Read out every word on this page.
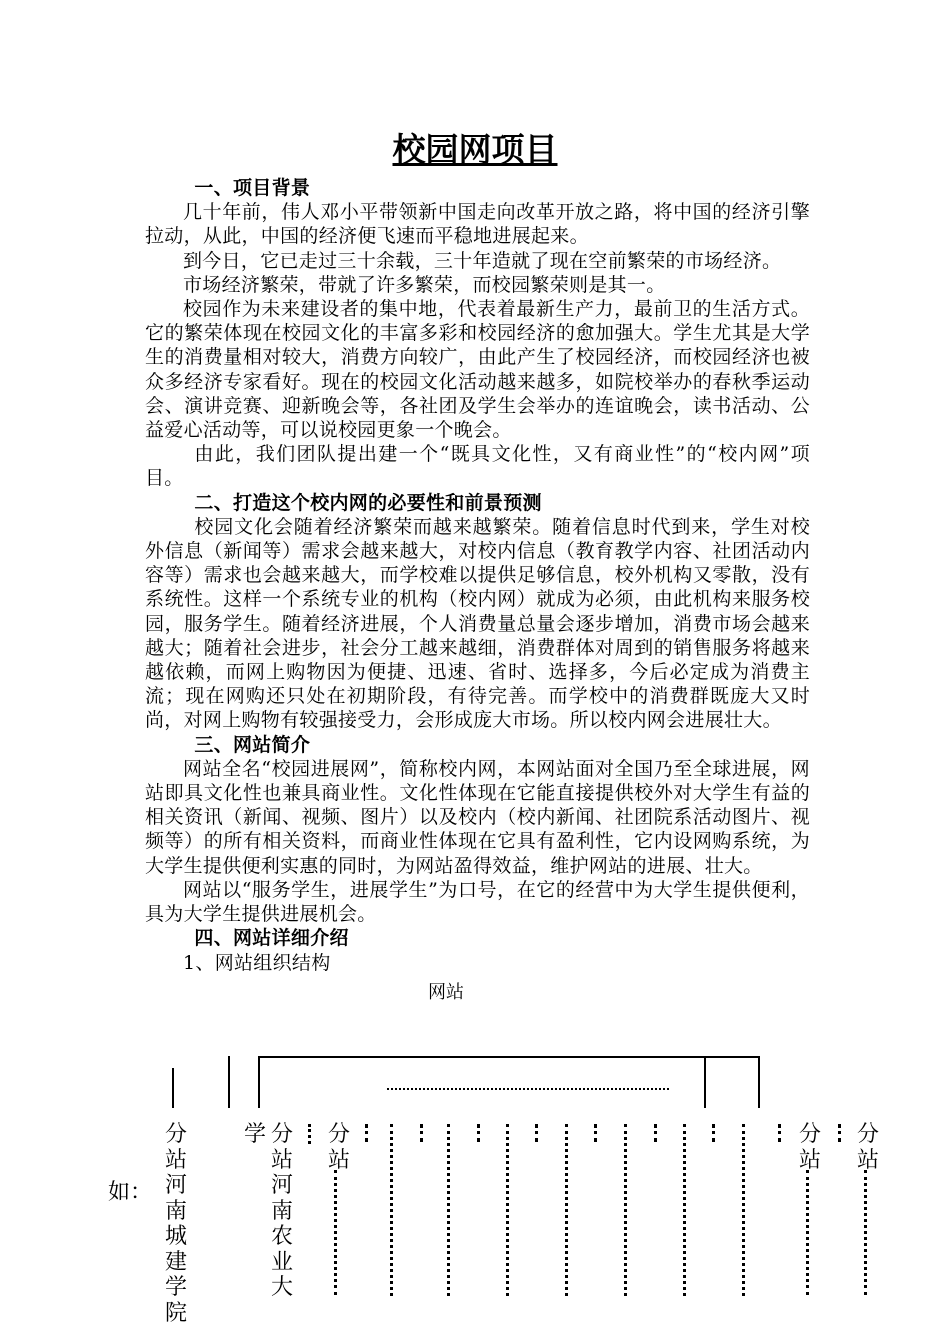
校园网项目
一、项目背景

几十年前，伟人邓小平带领新中国走向改革开放之路，将中国的经济引擎拉动，从此，中国的经济便飞速而平稳地进展起来。

到今日，它已走过三十余载，三十年造就了现在空前繁荣的市场经济。

市场经济繁荣，带就了许多繁荣，而校园繁荣则是其一。

校园作为未来建设者的集中地，代表着最新生产力，最前卫的生活方式。它的繁荣体现在校园文化的丰富多彩和校园经济的愈加强大。学生尤其是大学生的消费量相对较大，消费方向较广，由此产生了校园经济，而校园经济也被众多经济专家看好。现在的校园文化活动越来越多，如院校举办的春秋季运动会、演讲竞赛、迎新晚会等，各社团及学生会举办的连谊晚会，读书活动、公益爱心活动等，可以说校园更象一个晚会。

由此，我们团队提出建一个“既具文化性，又有商业性”的“校内网”项目。

二、打造这个校内网的必要性和前景预测

校园文化会随着经济繁荣而越来越繁荣。随着信息时代到来，学生对校外信息（新闻等）需求会越来越大，对校内信息（教育教学内容、社团活动内容等）需求也会越来越大，而学校难以提供足够信息，校外机构又零散，没有系统性。这样一个系统专业的机构（校内网）就成为必须，由此机构来服务校园，服务学生。随着经济进展，个人消费量总量会逐步增加，消费市场会越来越大；随着社会进步，社会分工越来越细，消费群体对周到的销售服务将越来越依赖，而网上购物因为便捷、迅速、省时、选择多，今后必定成为消费主流；现在网购还只处在初期阶段，有待完善。而学校中的消费群既庞大又时尚，对网上购物有较强接受力，会形成庞大市场。所以校内网会进展壮大。

三、网站简介

网站全名“校园进展网”，简称校内网，本网站面对全国乃至全球进展，网站即具文化性也兼具商业性。文化性体现在它能直接提供校外对大学生有益的相关资讯（新闻、视频、图片）以及校内（校内新闻、社团院系活动图片、视频等）的所有相关资料，而商业性体现在它具有盈利性，它内设网购系统，为大学生提供便利实惠的同时，为网站盈得效益，维护网站的进展、壮大。

网站以“服务学生，进展学生”为口号，在它的经营中为大学生提供便利，具为大学生提供进展机会。

四、网站详细介绍

1、网站组织结构

网站
如：
分站河南城建学院
学 分站河南农业大
分站
分站
分站
